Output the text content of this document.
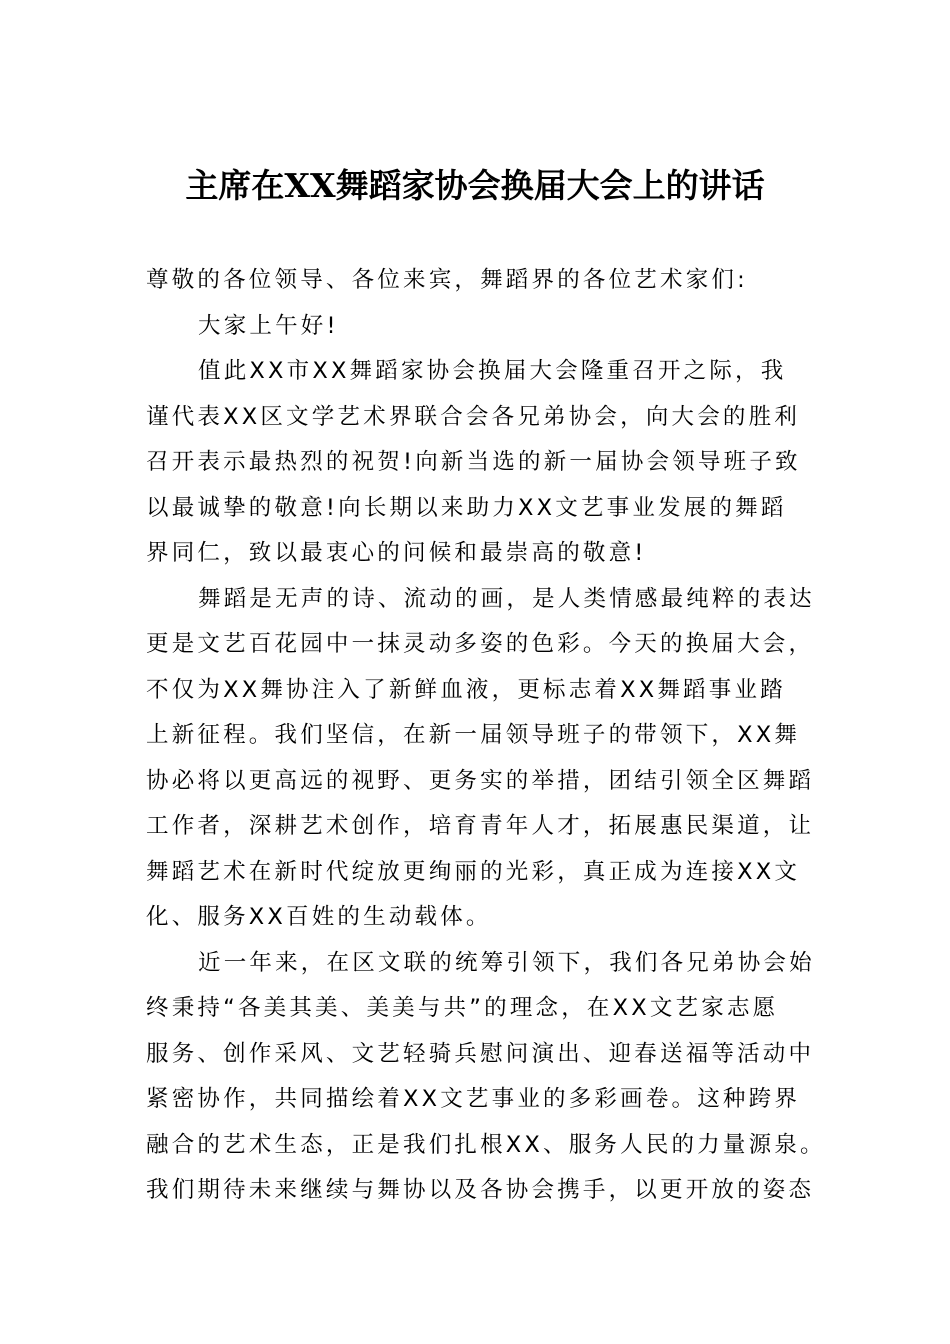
主席在XX舞蹈家协会换届大会上的讲话
尊敬的各位领导、各位来宾，舞蹈界的各位艺术家们:
大家上午好!
值此XX市XX舞蹈家协会换届大会隆重召开之际，我
谨代表XX区文学艺术界联合会各兄弟协会，向大会的胜利
召开表示最热烈的祝贺!向新当选的新一届协会领导班子致
以最诚挚的敬意!向长期以来助力XX文艺事业发展的舞蹈
界同仁，致以最衷心的问候和最崇高的敬意!
舞蹈是无声的诗、流动的画，是人类情感最纯粹的表达
更是文艺百花园中一抹灵动多姿的色彩。今天的换届大会，
不仅为XX舞协注入了新鲜血液，更标志着XX舞蹈事业踏
上新征程。我们坚信，在新一届领导班子的带领下，XX舞
协必将以更高远的视野、更务实的举措，团结引领全区舞蹈
工作者，深耕艺术创作，培育青年人才，拓展惠民渠道，让
舞蹈艺术在新时代绽放更绚丽的光彩，真正成为连接XX文
化、服务XX百姓的生动载体。
近一年来，在区文联的统筹引领下，我们各兄弟协会始
终秉持“各美其美、美美与共”的理念，在XX文艺家志愿
服务、创作采风、文艺轻骑兵慰问演出、迎春送福等活动中
紧密协作，共同描绘着XX文艺事业的多彩画卷。这种跨界
融合的艺术生态，正是我们扎根XX、服务人民的力量源泉。
我们期待未来继续与舞协以及各协会携手，以更开放的姿态
